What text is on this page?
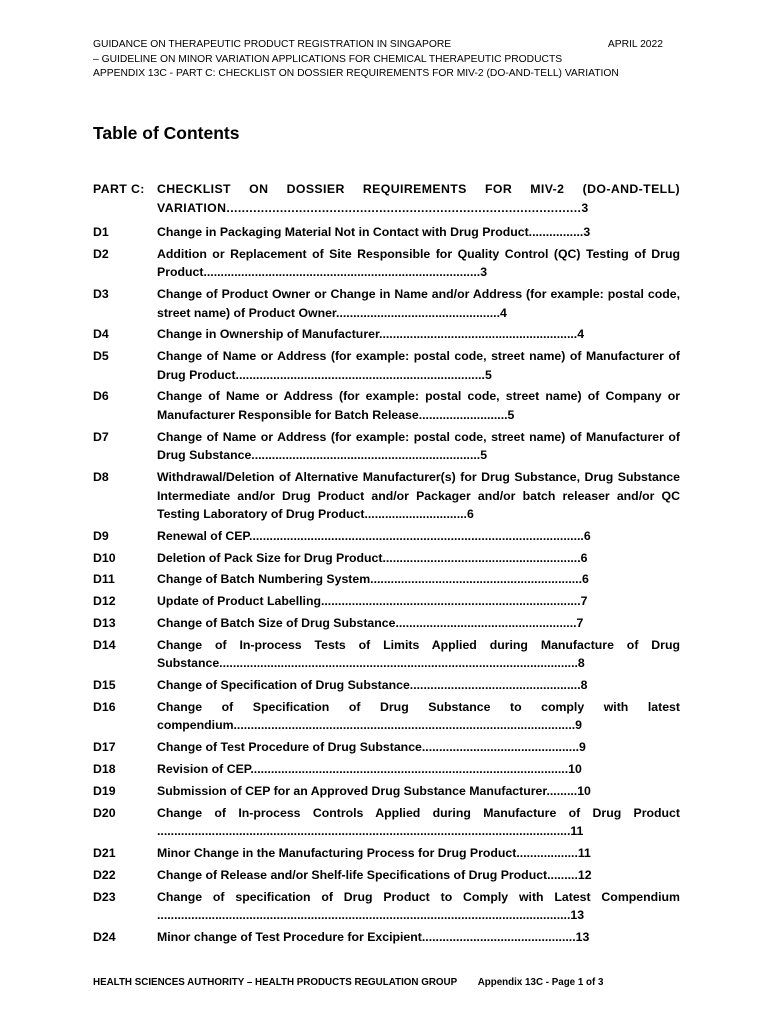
GUIDANCE ON THERAPEUTIC PRODUCT REGISTRATION IN SINGAPORE	APRIL 2022
– GUIDELINE ON MINOR VARIATION APPLICATIONS FOR CHEMICAL THERAPEUTIC PRODUCTS
APPENDIX 13C - PART C: CHECKLIST ON DOSSIER REQUIREMENTS FOR MIV-2 (DO-AND-TELL) VARIATION
Table of Contents
PART C: CHECKLIST ON DOSSIER REQUIREMENTS FOR MIV-2 (DO-AND-TELL) VARIATION.............................................................................................3
D1	Change in Packaging Material Not in Contact with Drug Product................3
D2	Addition or Replacement of Site Responsible for Quality Control (QC) Testing of Drug Product.................................................................................3
D3	Change of Product Owner or Change in Name and/or Address (for example: postal code, street name) of Product Owner................................................4
D4	Change in Ownership of Manufacturer..........................................................4
D5	Change of Name or Address (for example: postal code, street name) of Manufacturer of Drug Product.........................................................................5
D6	Change of Name or Address (for example: postal code, street name) of Company or Manufacturer Responsible for Batch Release..........................5
D7	Change of Name or Address (for example: postal code, street name) of Manufacturer of Drug Substance...................................................................5
D8	Withdrawal/Deletion of Alternative Manufacturer(s) for Drug Substance, Drug Substance Intermediate and/or Drug Product and/or Packager and/or batch releaser and/or QC Testing Laboratory of Drug Product..............................6
D9	Renewal of CEP..................................................................................................6
D10	Deletion of Pack Size for Drug Product..........................................................6
D11	Change of Batch Numbering System..............................................................6
D12	Update of Product Labelling............................................................................7
D13	Change of Batch Size of Drug Substance.....................................................7
D14	Change of In-process Tests of Limits Applied during Manufacture of Drug Substance.........................................................................................................8
D15	Change of Specification of Drug Substance..................................................8
D16	Change of Specification of Drug Substance to comply with latest compendium....................................................................................................9
D17	Change of Test Procedure of Drug Substance..............................................9
D18	Revision of CEP.............................................................................................10
D19	Submission of CEP for an Approved Drug Substance Manufacturer.........10
D20	Change of In-process Controls Applied during Manufacture of Drug Product .........................................................................................................................11
D21	Minor Change in the Manufacturing Process for Drug Product..................11
D22	Change of Release and/or Shelf-life Specifications of Drug Product.........12
D23	Change of specification of Drug Product to Comply with Latest Compendium .........................................................................................................................13
D24	Minor change of Test Procedure for Excipient.............................................13
HEALTH SCIENCES AUTHORITY – HEALTH PRODUCTS REGULATION GROUP Appendix 13C - Page 1 of 3
